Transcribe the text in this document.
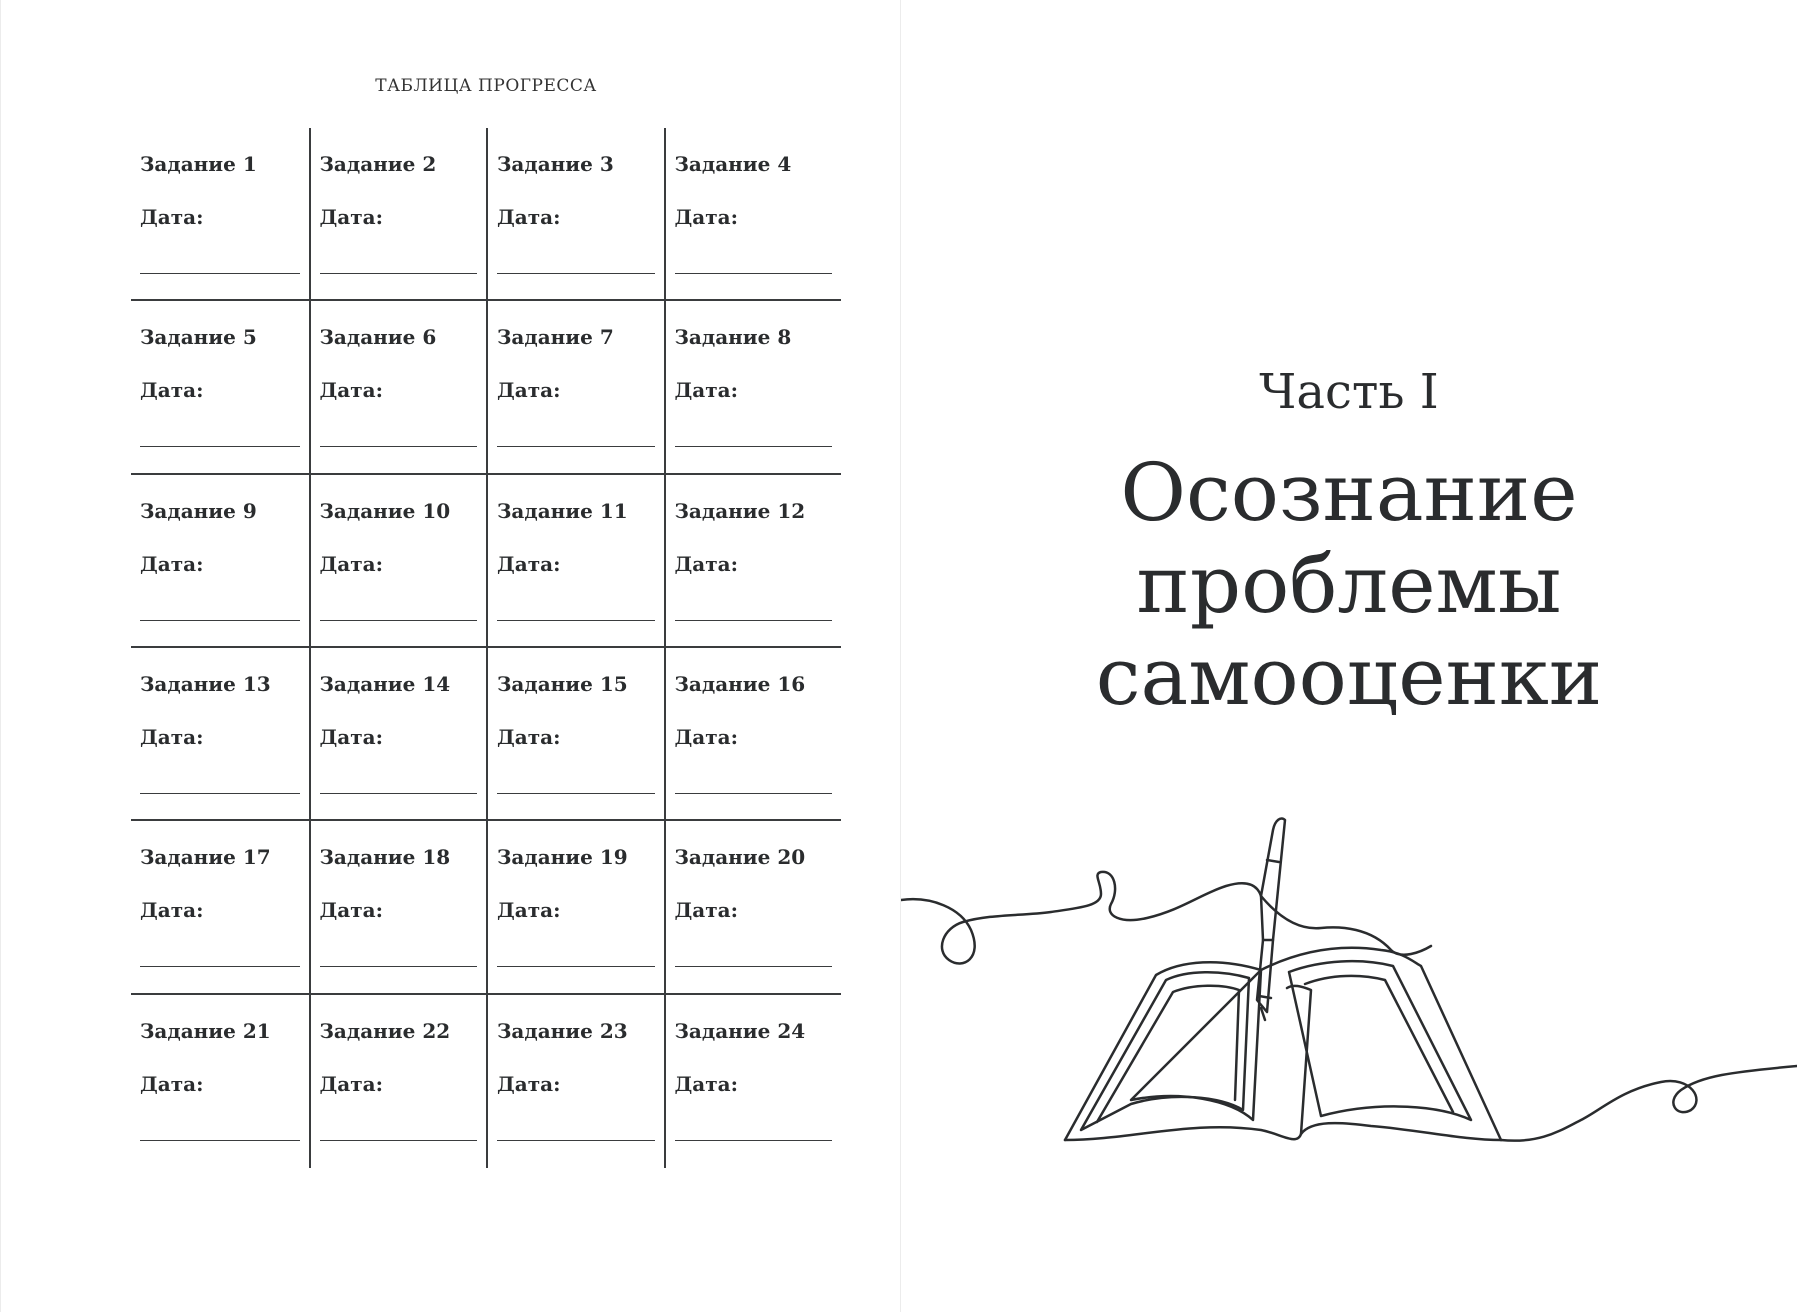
ТАБЛИЦА ПРОГРЕССА
Задание 1
Дата:
Задание 2
Дата:
Задание 3
Дата:
Задание 4
Дата:
Задание 5
Дата:
Задание 6
Дата:
Задание 7
Дата:
Задание 8
Дата:
Задание 9
Дата:
Задание 10
Дата:
Задание 11
Дата:
Задание 12
Дата:
Задание 13
Дата:
Задание 14
Дата:
Задание 15
Дата:
Задание 16
Дата:
Задание 17
Дата:
Задание 18
Дата:
Задание 19
Дата:
Задание 20
Дата:
Задание 21
Дата:
Задание 22
Дата:
Задание 23
Дата:
Задание 24
Дата:
Часть I
Осознание
проблемы
самооценки
